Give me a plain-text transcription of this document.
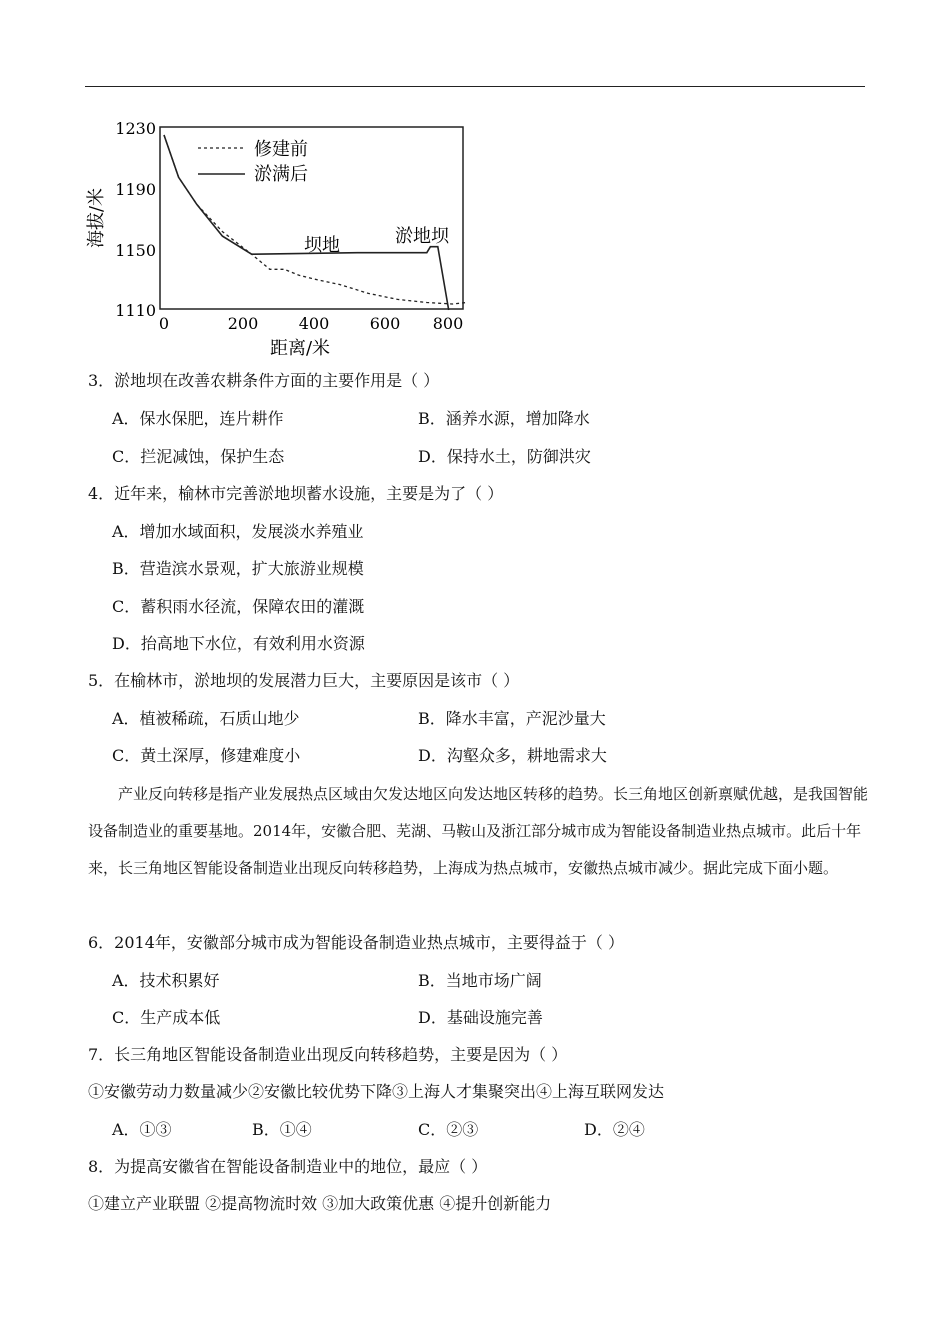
海拔/米
距离/米
1230
1190
1150
1110
0	200	400	600 800
修建前
淤满后
坝地	淤地坝
3．淤地坝在改善农耕条件方面的主要作用是（ ）
A．保水保肥，连片耕作	B．涵养水源，增加降水
C．拦泥减蚀，保护生态	D．保持水土，防御洪灾
4．近年来，榆林市完善淤地坝蓄水设施，主要是为了（ ）
A．增加水域面积，发展淡水养殖业
B．营造滨水景观，扩大旅游业规模
C．蓄积雨水径流，保障农田的灌溉
D．抬高地下水位，有效利用水资源
5．在榆林市，淤地坝的发展潜力巨大，主要原因是该市（ ）
A．植被稀疏，石质山地少	B．降水丰富，产泥沙量大
C．黄土深厚，修建难度小	D．沟壑众多，耕地需求大

产业反向转移是指产业发展热点区域由欠发达地区向发达地区转移的趋势。长三角地区创新禀赋优越，是我国智能设备制造业的重要基地。2014年，安徽合肥、芜湖、马鞍山及浙江部分城市成为智能设备制造业热点城市。此后十年来，长三角地区智能设备制造业出现反向转移趋势，上海成为热点城市，安徽热点城市减少。据此完成下面小题。

6．2014年，安徽部分城市成为智能设备制造业热点城市，主要得益于（ ）
A．技术积累好	B．当地市场广阔
C．生产成本低	D．基础设施完善
7．长三角地区智能设备制造业出现反向转移趋势，主要是因为（ ）
①安徽劳动力数量减少②安徽比较优势下降③上海人才集聚突出④上海互联网发达
A．①③	B．①④	C．②③	D．②④
8．为提高安徽省在智能设备制造业中的地位，最应（ ）
①建立产业联盟 ②提高物流时效 ③加大政策优惠 ④提升创新能力
